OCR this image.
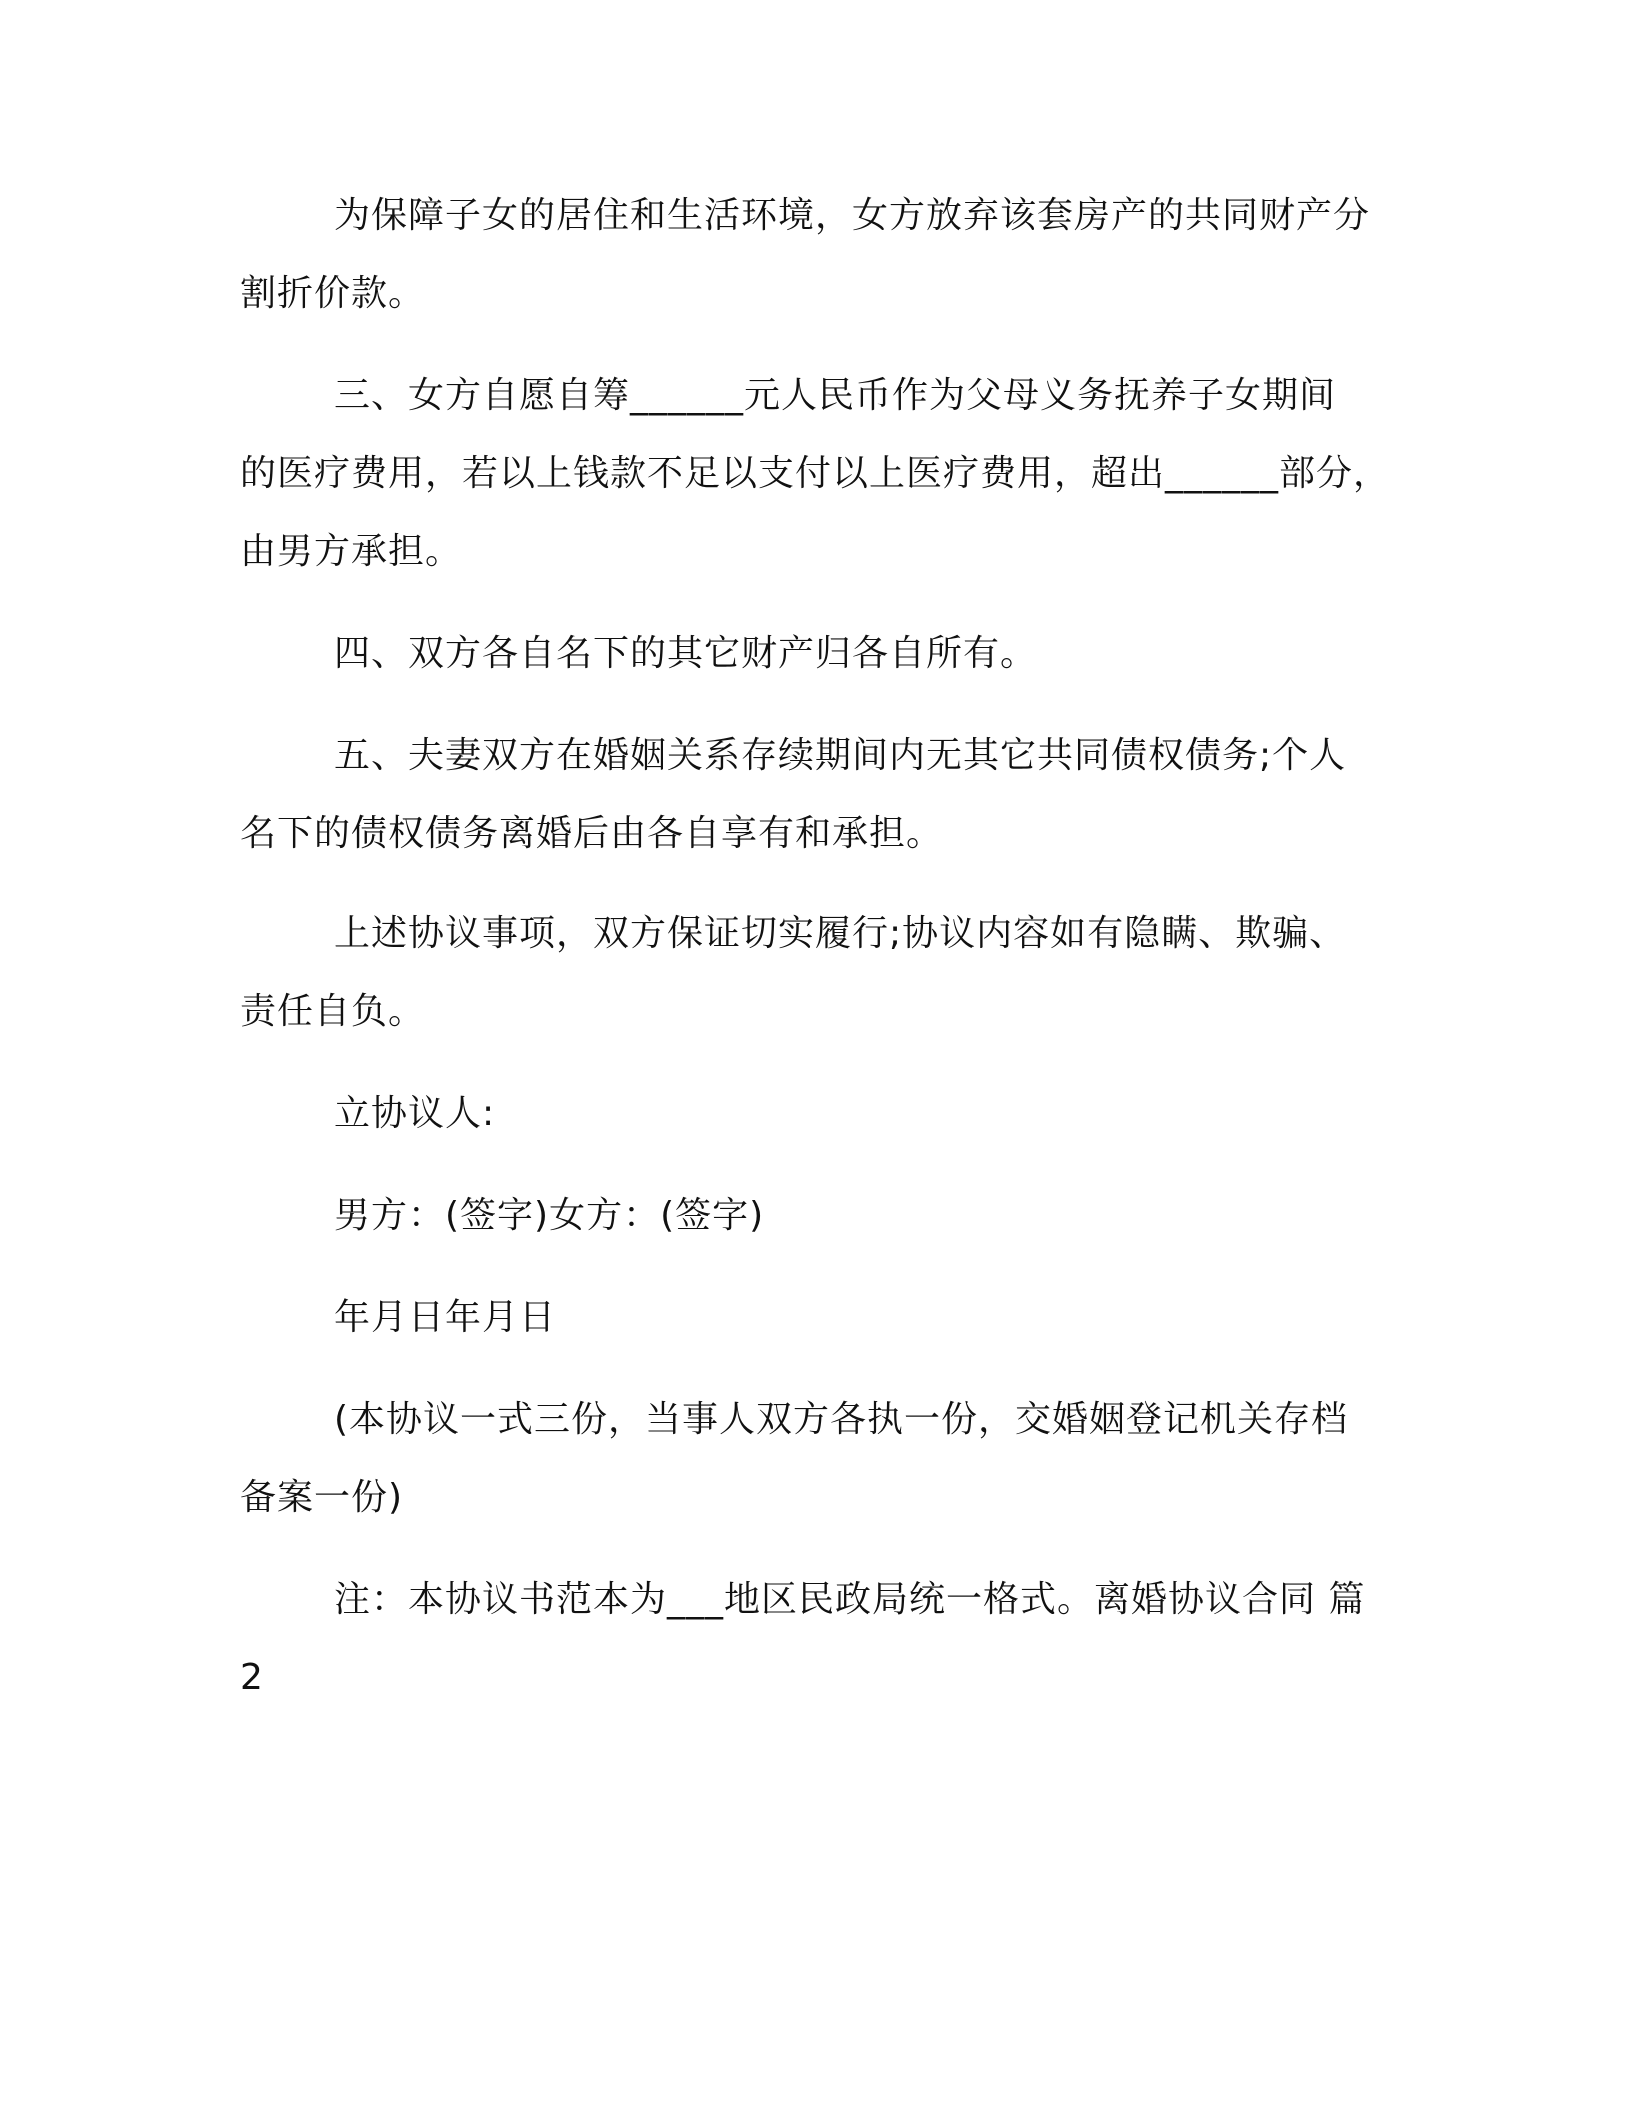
为保障子女的居住和生活环境，女方放弃该套房产的共同财产分
割折价款。
三、女方自愿自筹______元人民币作为父母义务抚养子女期间
的医疗费用，若以上钱款不足以支付以上医疗费用，超出______部分，
由男方承担。
四、双方各自名下的其它财产归各自所有。
五、夫妻双方在婚姻关系存续期间内无其它共同债权债务;个人
名下的债权债务离婚后由各自享有和承担。
上述协议事项，双方保证切实履行;协议内容如有隐瞒、欺骗、
责任自负。
立协议人:
男方：(签字)女方：(签字)
年月日年月日
(本协议一式三份，当事人双方各执一份，交婚姻登记机关存档
备案一份)
注：本协议书范本为___地区民政局统一格式。离婚协议合同 篇
2
